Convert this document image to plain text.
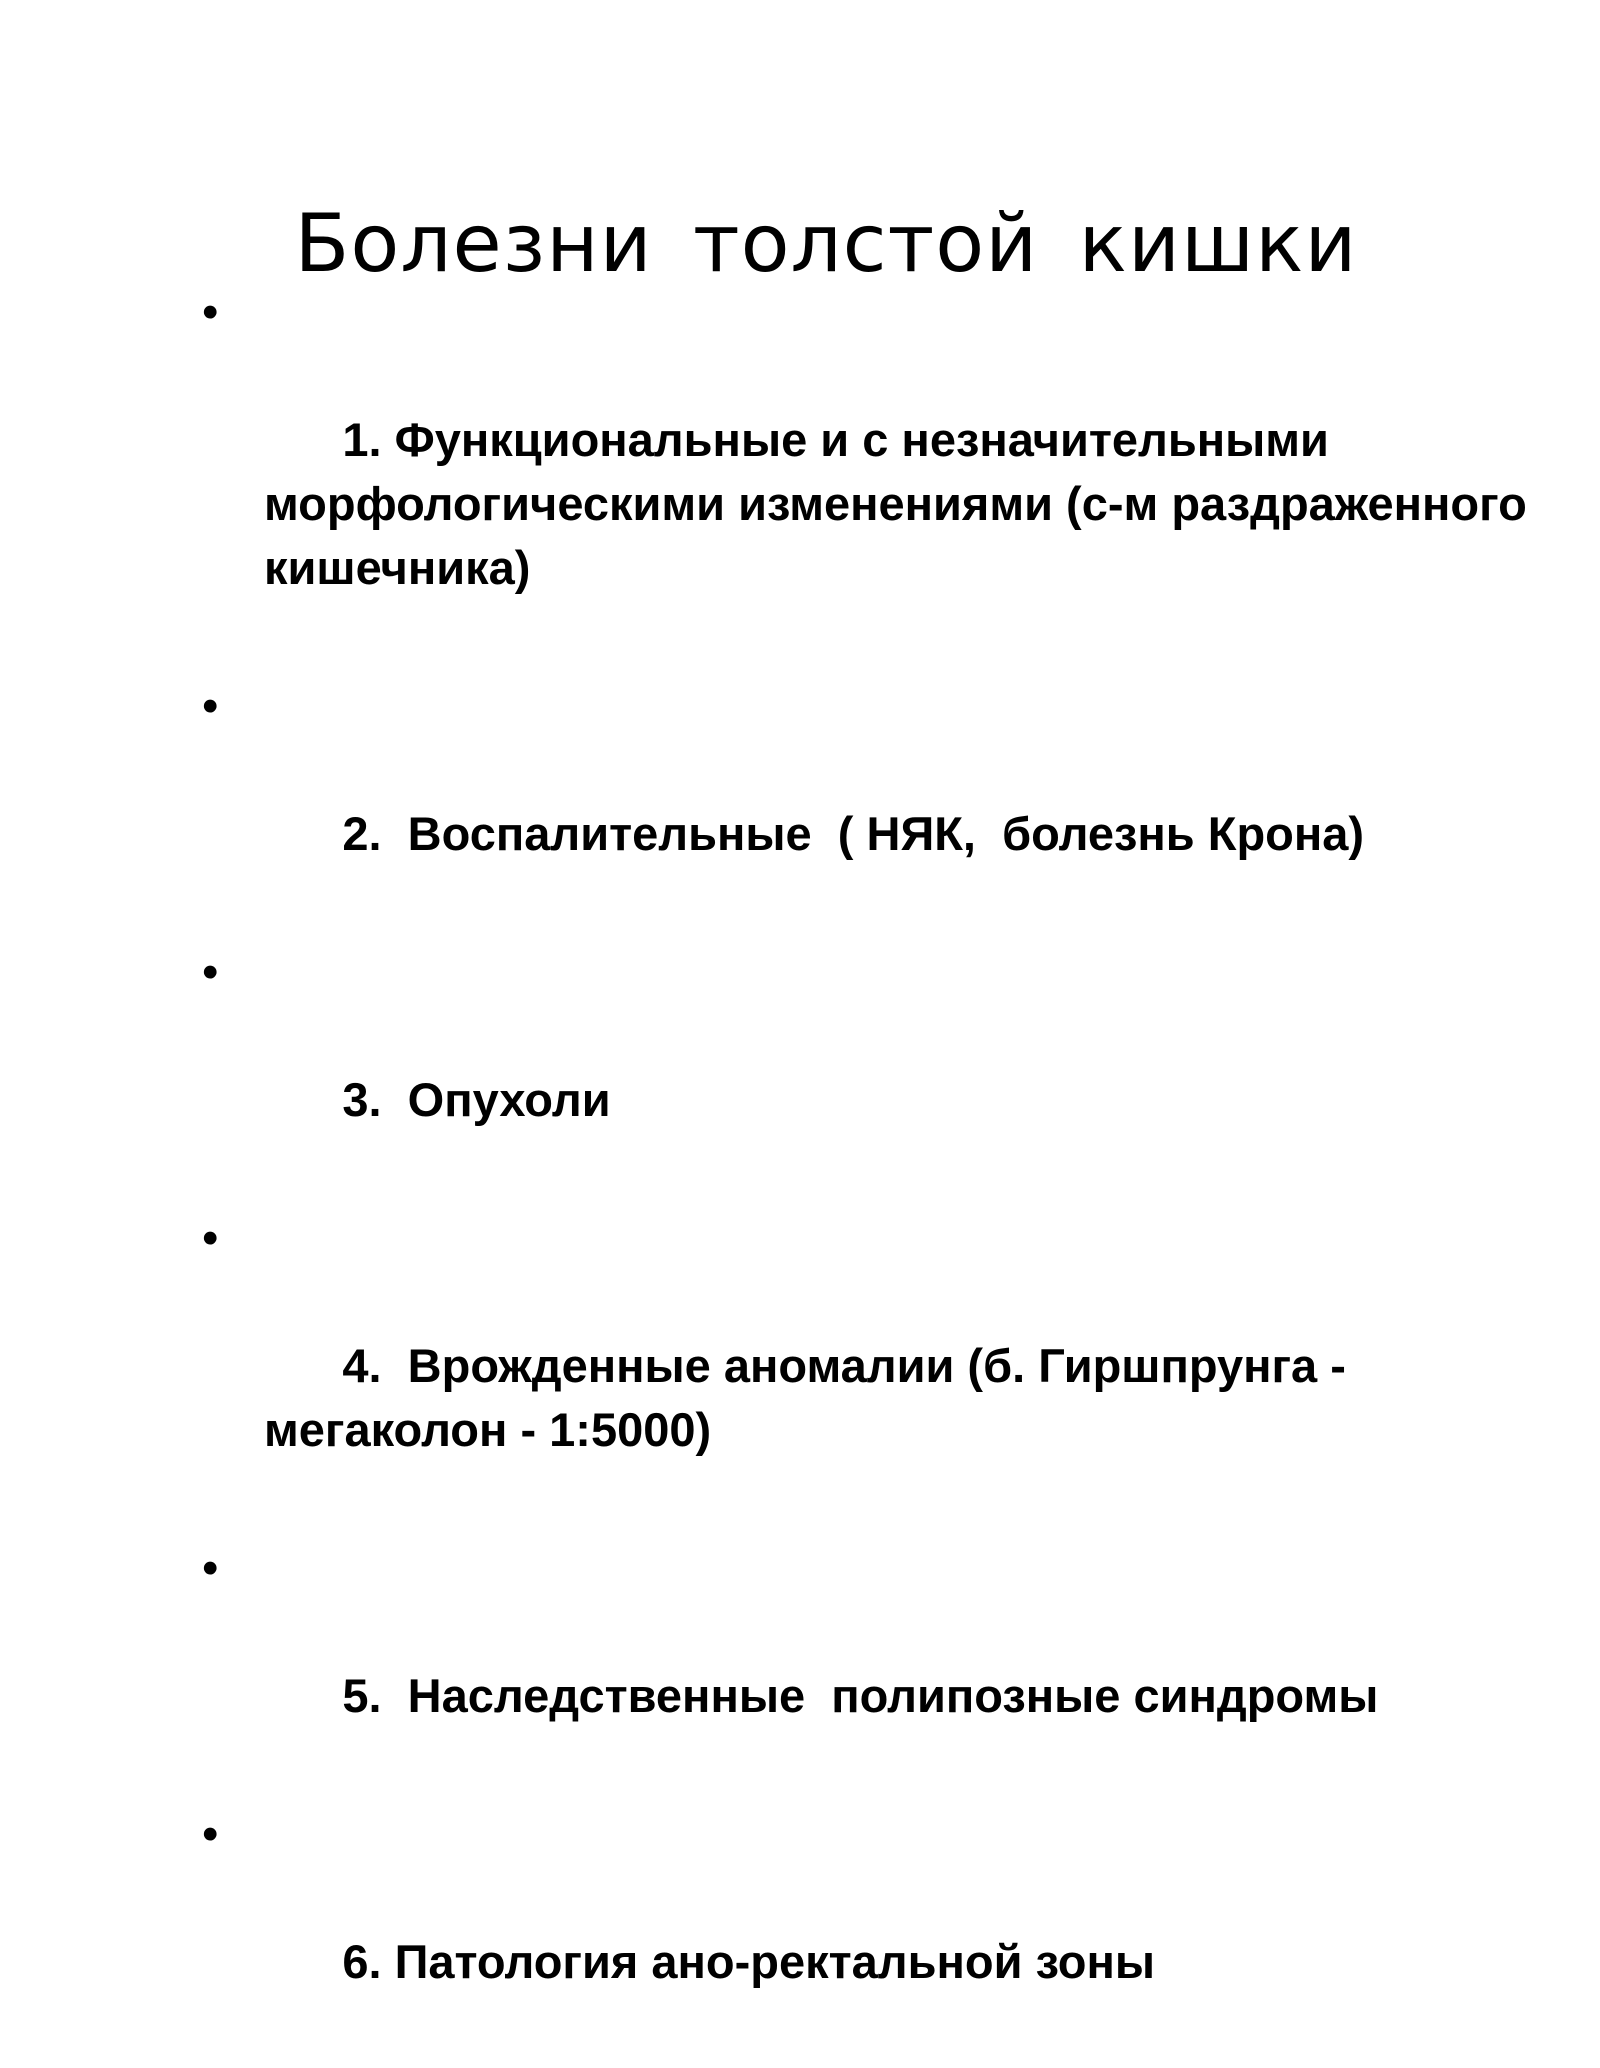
Болезни толстой кишки

•

1. Функциональные и с незначительными морфологическими изменениями (с-м раздраженного кишечника)

•

2.  Воспалительные  ( НЯК,  болезнь Крона)

•

3.  Опухоли

•

4.  Врожденные аномалии (б. Гиршпрунга - мегаколон - 1:5000)

•

5.  Наследственные  полипозные синдромы

•

6. Патология ано-ректальной зоны
